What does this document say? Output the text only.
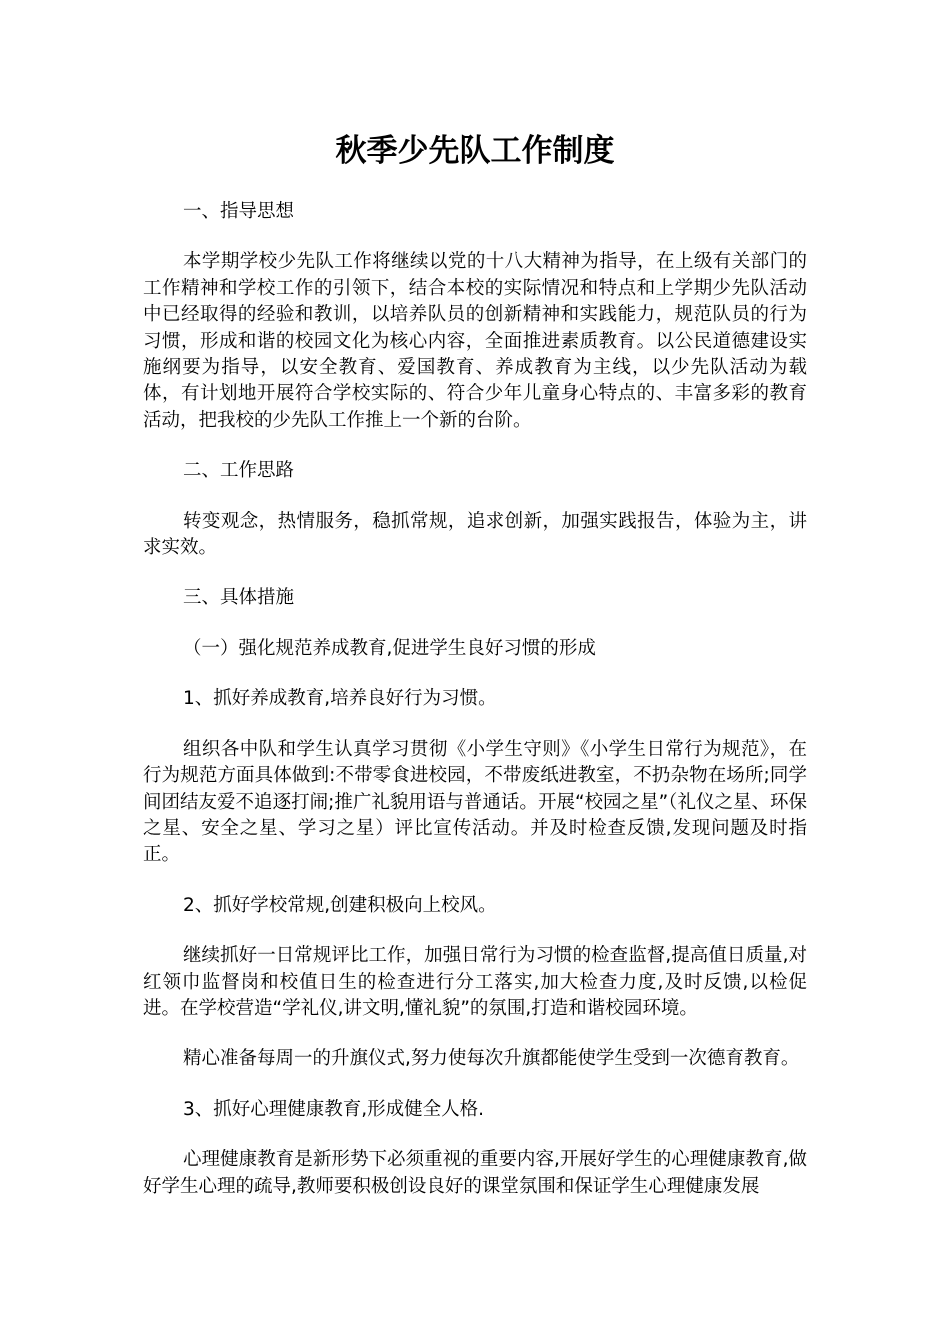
秋季少先队工作制度

一、指导思想

本学期学校少先队工作将继续以党的十八大精神为指导，在上级有关部门的工作精神和学校工作的引领下，结合本校的实际情况和特点和上学期少先队活动中已经取得的经验和教训，以培养队员的创新精神和实践能力，规范队员的行为习惯，形成和谐的校园文化为核心内容，全面推进素质教育。以公民道德建设实施纲要为指导，以安全教育、爱国教育、养成教育为主线，以少先队活动为载体，有计划地开展符合学校实际的、符合少年儿童身心特点的、丰富多彩的教育活动，把我校的少先队工作推上一个新的台阶。

二、工作思路

转变观念，热情服务，稳抓常规，追求创新，加强实践报告，体验为主，讲求实效。

三、具体措施

（一）强化规范养成教育,促进学生良好习惯的形成

1、抓好养成教育,培养良好行为习惯。

组织各中队和学生认真学习贯彻《小学生守则》《小学生日常行为规范》，在行为规范方面具体做到:不带零食进校园，不带废纸进教室，不扔杂物在场所;同学间团结友爱不追逐打闹;推广礼貌用语与普通话。开展“校园之星”（礼仪之星、环保之星、安全之星、学习之星）评比宣传活动。并及时检查反馈,发现问题及时指正。

2、抓好学校常规,创建积极向上校风。

继续抓好一日常规评比工作，加强日常行为习惯的检查监督,提高值日质量,对红领巾监督岗和校值日生的检查进行分工落实,加大检查力度,及时反馈,以检促进。在学校营造“学礼仪,讲文明,懂礼貌”的氛围,打造和谐校园环境。

精心准备每周一的升旗仪式,努力使每次升旗都能使学生受到一次德育教育。

3、抓好心理健康教育,形成健全人格.

心理健康教育是新形势下必须重视的重要内容,开展好学生的心理健康教育,做好学生心理的疏导,教师要积极创设良好的课堂氛围和保证学生心理健康发展
